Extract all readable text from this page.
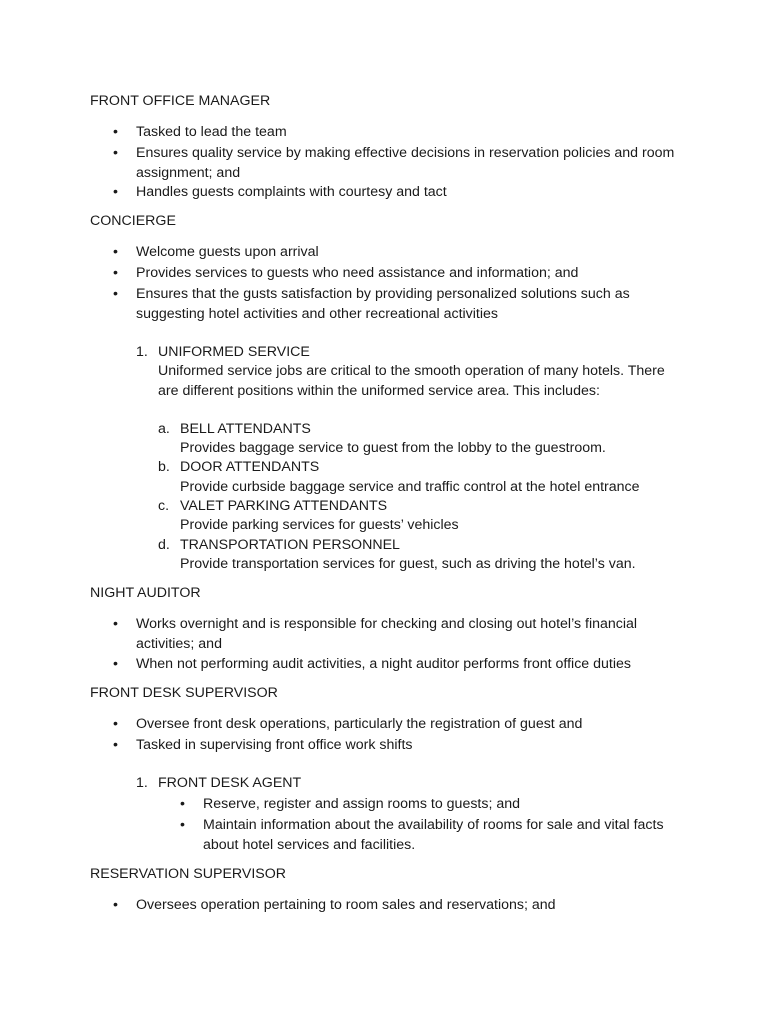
FRONT OFFICE MANAGER

• Tasked to lead the team

• Ensures quality service by making effective decisions in reservation policies and room assignment; and

• Handles guests complaints with courtesy and tact

CONCIERGE

• Welcome guests upon arrival

• Provides services to guests who need assistance and information; and

• Ensures that the gusts satisfaction by providing personalized solutions such as suggesting hotel activities and other recreational activities

1. UNIFORMED SERVICE

Uniformed service jobs are critical to the smooth operation of many hotels. There are different positions within the uniformed service area. This includes:

a. BELL ATTENDANTS

Provides baggage service to guest from the lobby to the guestroom.

b. DOOR ATTENDANTS

Provide curbside baggage service and traffic control at the hotel entrance

c. VALET PARKING ATTENDANTS

Provide parking services for guests’ vehicles

d. TRANSPORTATION PERSONNEL

Provide transportation services for guest, such as driving the hotel’s van.

NIGHT AUDITOR

• Works overnight and is responsible for checking and closing out hotel’s financial activities; and

• When not performing audit activities, a night auditor performs front office duties

FRONT DESK SUPERVISOR

• Oversee front desk operations, particularly the registration of guest and

• Tasked in supervising front office work shifts

1. FRONT DESK AGENT

• Reserve, register and assign rooms to guests; and

• Maintain information about the availability of rooms for sale and vital facts about hotel services and facilities.

RESERVATION SUPERVISOR

• Oversees operation pertaining to room sales and reservations; and
